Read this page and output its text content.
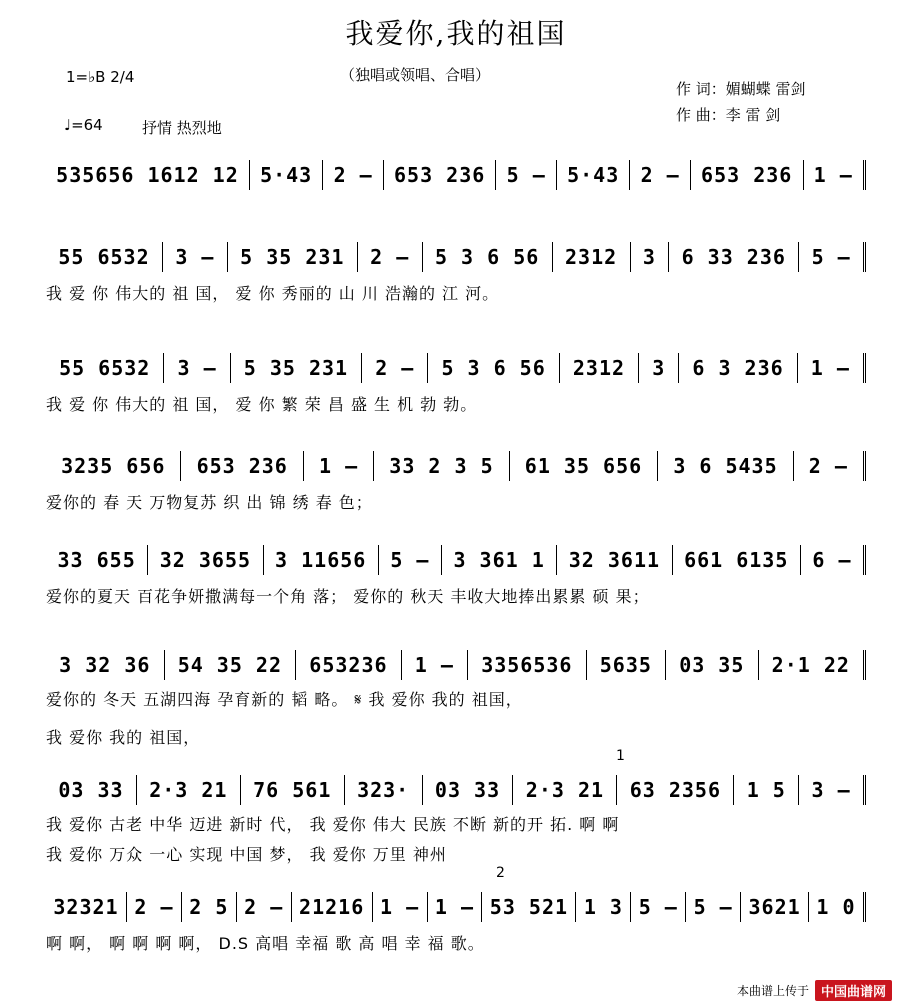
我爱你,我的祖国
（独唱或领唱、合唱）
作 词：媚蝴蝶 雷剑
作 曲：李 雷 剑
1=♭B 2/4
♩=64	抒情 热烈地
535656 1612 12	5·43	2 –	653 236	5 –	5·43	2 –	653 236	1 –
55 6532	3 –	5 35 231	2 –	5 3 6 56	2312	3	6 33 236	5 –
我 爱 你 伟大的 祖 国， 爱 你 秀丽的 山 川 浩瀚的 江 河。
55 6532	3 –	5 35 231	2 –	5 3 6 56	2312	3	6 3 236	1 –
我 爱 你 伟大的 祖 国， 爱 你 繁 荣 昌 盛 生 机 勃 勃。
3235 656	653 236	1 –	33 2 3 5	61 35 656	3 6 5435	2 –
爱你的 春 天 万物复苏 织 出 锦 绣 春 色；
33 655	32 3655	3 11656	5 –	3 361 1	32 3611	661 6135	6 –
爱你的夏天 百花争妍撒满每一个角 落； 爱你的 秋天 丰收大地捧出累累 硕 果；
3 32 36	54 35 22	653236	1 –	3356536	5635	03 35	2·1 22
爱你的 冬天 五湖四海 孕育新的 韬 略。 𝄋 我 爱你 我的 祖国，
我 爱你 我的 祖国，
03 33	2·3 21	76 561	323·	03 33	2·3 21	63 2356	1 5	3 –
1
我 爱你 古老 中华 迈进 新时 代， 我 爱你 伟大 民族 不断 新的开 拓. 啊 啊
我 爱你 万众 一心 实现 中国 梦， 我 爱你 万里 神州
32321 2 – 2 5 2 – 21216 1 – 1 – 53 521 1 3 5 – 5 – 3621 1 0
2
啊 啊， 啊 啊 啊 啊， D.S 高唱 幸福 歌 高 唱 幸 福 歌。
本曲谱上传于 中国曲谱网
